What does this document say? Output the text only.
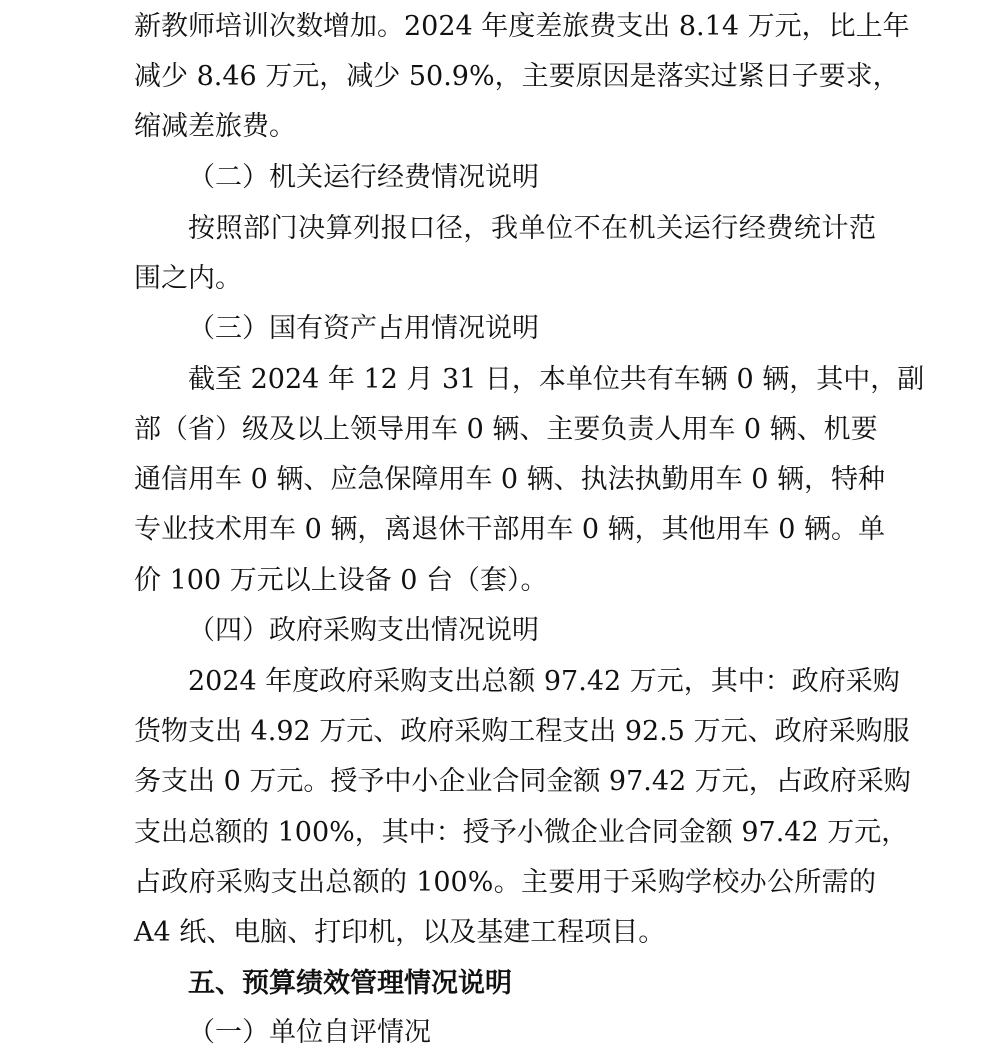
新教师培训次数增加。2024 年度差旅费支出 8.14 万元，比上年
减少 8.46 万元，减少 50.9%，主要原因是落实过紧日子要求，
缩减差旅费。
（二）机关运行经费情况说明
按照部门决算列报口径，我单位不在机关运行经费统计范
围之内。
（三）国有资产占用情况说明
截至 2024 年 12 月 31 日，本单位共有车辆 0 辆，其中，副
部（省）级及以上领导用车 0 辆、主要负责人用车 0 辆、机要
通信用车 0 辆、应急保障用车 0 辆、执法执勤用车 0 辆，特种
专业技术用车 0 辆，离退休干部用车 0 辆，其他用车 0 辆。单
价 100 万元以上设备 0 台（套）。
（四）政府采购支出情况说明
2024 年度政府采购支出总额 97.42 万元，其中：政府采购
货物支出 4.92 万元、政府采购工程支出 92.5 万元、政府采购服
务支出 0 万元。授予中小企业合同金额 97.42 万元，占政府采购
支出总额的 100%，其中：授予小微企业合同金额 97.42 万元，
占政府采购支出总额的 100%。主要用于采购学校办公所需的
A4 纸、电脑、打印机，以及基建工程项目。
五、预算绩效管理情况说明
（一）单位自评情况
